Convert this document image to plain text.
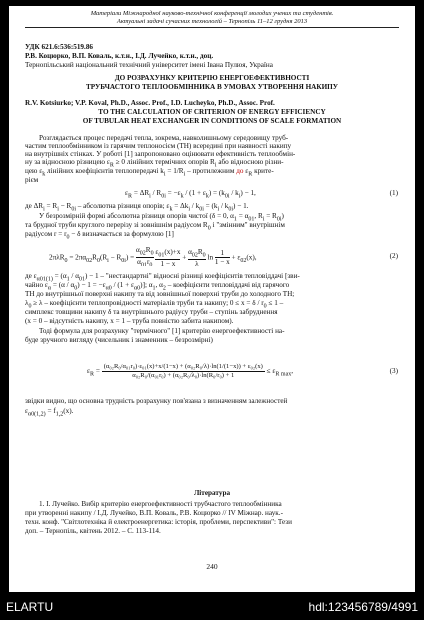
Матеріали Міжнародної науково-технічної конференції молодих учених та студентів.
Актуальні задачі сучасних технологій – Тернопіль 11–12 грудня 2013
УДК 621.6:536:519.86
Р.В. Коцюрко, В.П. Коваль, к.т.н., І.Д. Лучейко, к.т.н., доц.
Тернопільський національний технічний університет імені Івана Пулюя, Україна
ДО РОЗРАХУНКУ КРИТЕРІЮ ЕНЕРГОЕФЕКТИВНОСТІ
ТРУБЧАСТОГО ТЕПЛООБМІННИКА В УМОВАХ УТВОРЕННЯ НАКИПУ
R.V. Kotsiurko; V.P. Koval, Ph.D., Assoc. Prof., I.D. Lucheyko, Ph.D., Assoc. Prof.
TO THE CALCULATION OF CRITERION OF ENERGY EFFICIENCY
OF TUBULAR HEAT EXCHANGER IN CONDITIONS OF SCALE FORMATION
Розглядається процес передачі тепла, зокрема, навколишньому середовищу труб-
частим теплообмінником із гарячим теплоносієм (ТН) всередині при наявності накипу
на внутрішніх стінках. У роботі [1] запропоновано оцінювати ефективність теплообмін-
ну за відносною різницею $\varepsilon_R \ge 0$ лінійних термічних опорів $R_i$ або відносною різни-
цею $\varepsilon_k$ лінійних коефіцієнтів теплопередачі $k_i = 1/R_i$ – протилежним до $\varepsilon_R$ крите-
рієм
$\varepsilon_R = \Delta R_i / R_{0i} = -\varepsilon_k / (1 + \varepsilon_k) = (k_{0i} / k_i) - 1$,	(1)
де $\Delta R_i = R_i - R_{0i}$ – абсолютна різниця опорів; $\varepsilon_k = \Delta k_i / k_{0i} = (k_i / k_{0i}) - 1$.
У безрозмірній формі абсолютна різниця опорів чистої (δ = 0, $\alpha_1 = \alpha_{01}$, $R_i = R_{0i}$)
та брудної труби круглого перерізу зі зовнішнім радіусом $R_0$ і "змінним" внутрішнім
радіусом $r = r_0 - \delta$ визначається за формулою [1]
$2\pi\lambda R_0 = 2\pi\alpha_{02}R_0(R_i - R_{0i}) = \frac{\alpha_{02}R_0}{\alpha_{01}r_0}$
$\frac{\varepsilon_{01}(x)+x}{1 - x} + \frac{\alpha_{02}R_0}{\lambda}$ $\ln \frac{1}{1 - x} + \varepsilon_{02}(x)$,	(2)
де $\varepsilon_{\alpha 01(1)} = (\alpha_1 / \alpha_{01}) - 1$ – "нестандартні" відносні різниці коефіцієнтів тепловіддачі [зви-
чайно $\varepsilon_\alpha = (\alpha / \alpha_0) - 1 = -\varepsilon_{\alpha 0} / (1 + \varepsilon_{\alpha 0})$]; $\alpha_1$, $\alpha_2$ – коефіцієнти тепловіддачі від гарячого
ТН до внутрішньої поверхні накипу та від зовнішньої поверхні труби до холодного ТН;
$\lambda_0 \ge \lambda$ – коефіцієнти теплопровідності матеріалів труби та накипу; $0 \le x = \delta / r_0 \le 1$ –
симплекс товщини накипу δ та внутрішнього радіусу труби – ступінь забруднення
(x = 0 – відсутність накипу, x = 1 – труба повністю забита накипом).
Тоді формула для розрахунку "термічного" [1] критерію енергоефективності на-
буде зручного вигляду (чисельник і знаменник – безрозмірні)
$\varepsilon_R$ =
(α₀₂R₀/α₀₁r₀)·ε₀₁(x)+x/(1−x) + (α₀₂R₀/λ)·ln(1/(1−x)) + ε₀₂(x)
α₀₂R₀/(α₀₁r₀) + (α₀₂R₀/λ₀)·ln(R₀/r₀) + 1
≤ $\varepsilon_{R max}$,	(3)
звідки видно, що основна трудність розрахунку пов'язана з визначенням залежностей
$\varepsilon_{\alpha 0(1,2)} = f_{1,2}(x)$.
Література
1. І. Лучейко. Вибір критерію енергоефективності трубчастого теплообмінника
при утворенні накипу / І.Д. Лучейко, В.П. Коваль, Р.В. Коцюрко // IV Міжнар. наук.-
техн. конф. "Світлотехніка й електроенергетика: історія, проблеми, перспективи": Тези
доп. – Тернопіль, квітень 2012. – С. 113-114.
240
ELARTU	hdl:123456789/4991
